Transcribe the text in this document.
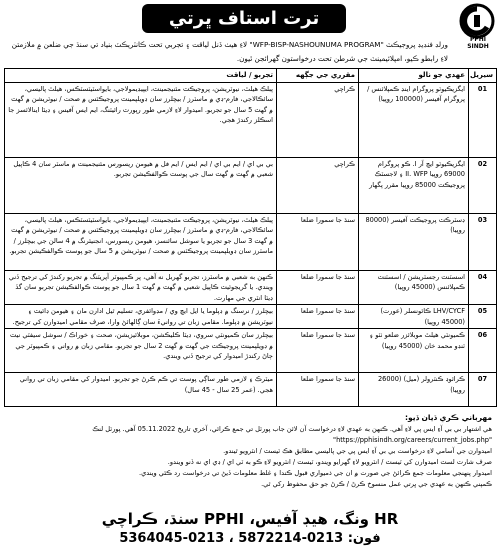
PPHI SINDH
ترت استاف ڀرتي
ورلڊ فنڊيڊ پروجيڪٽ "WFP-BISP-NASHOUNUMA PROGRAM" لاءِ هيٺ ڏنل لياقت ۽ تجربي تحت ڪانٽريڪٽ بنياد تي سنڌ جي ضلعن ۾ ملازمتن لاءِ رابطو ڪيو، امپلائيمينٽ جي شرطن تحت درخواستون گهرائجن ٿيون.
سيريل	عهدي جو نالو	مقرري جي جڳهه	تجربو / لياقت
01	ايگزيڪيوٽو پروگرام اينڊ ڪمپلائنس / پروگرام آفيسر (100000 روپيا)	ڪراچي	پبلڪ هيلٿ، نيوٽريشن، پروجيڪٽ مئنيجمينٽ، ايپيڊيمولاجي، بايواسٽيٽسٽڪس، هيلٿ پاليسي، سائڪالاجي، فارم-ڊي ۾ ماسٽرز / بيچلرز سان ڊويلپمينٽ پروجيڪٽس ۾ صحت / نيوٽريشن ۾ گهٽ ۾ گهٽ 5 سال جو تجربو. اميدوار لاءِ لازمي طور رپورٽ رائيٽنگ، ايم ايس آفيس ۽ ڊيٽا اينالائسز جا اسڪلز رکندڙ هجي.
02	ايگزيڪيوٽو ايچ آر I. ڪو پروگرام 69000 روپيا II. WFP ۽ لاجسٽڪ پروجيڪٽ 85000 روپيا مقرر پگهار	ڪراچي	بي بي اي / ايم بي اي / ايم ايس / ايم فل ۾ هيومن ريسورس مئنيجمينٽ ۾ ماسٽر سان 4 ڪاپيل شعبي ۾ گهٽ ۾ گهٽ سال جي پوسٽ ڪوالفڪيشن تجربو.
03	ڊسٽرڪٽ پروجيڪٽ آفيسر (80000 روپيا)	سنڌ جا سمورا ضلعا	پبلڪ هيلٿ، نيوٽريشن، پروجيڪٽ مئنيجمينٽ، ايپيڊيمولاجي، بايواسٽيٽسٽڪس، هيلٿ پاليسي، سائڪالاجي، فارم-ڊي ۾ ماسٽرز / بيچلرز سان ڊويلپمينٽ پروجيڪٽس ۾ صحت / نيوٽريشن ۾ گهٽ ۾ گهٽ 3 سال جو تجربو يا سوشل سائنسز، هيومن ريسورس، انجنيئرنگ ۾ 4 سالن جي بيچلرز / ماسٽرز سان ڊويلپمينٽ پروجيڪٽس ۾ صحت / نيوٽريشن ۾ 5 سال جو پوسٽ ڪوالفڪيشن تجربو.
04	اسسٽنٽ رجسٽريشن / اسسٽنٽ ڪمپلائنس (45000 روپيا)	سنڌ جا سمورا ضلعا	ڪنهن به شعبي ۾ ماسٽرز، تجربو گهربل نه آهي، پر ڪمپيوٽر آپريٽنگ ۾ تجربو رکندڙ کي ترجيح ڏني ويندي. يا گريجوئيٽ ڪاپيل شعبي ۾ گهٽ ۾ گهٽ 1 سال جو پوسٽ ڪوالفڪيشن تجربو سان گڏ ڊيٽا انٽري جي مهارت.
05	LHV/CYCF ڪائونسلر (عورت) (45000 روپيا)	سنڌ جا سمورا ضلعا	بيچلرز / نرسنگ ۾ ڊپلوما يا ايل ايڇ وي / مڊوائفري، تسليم ٿيل ادارن مان ۽ هيومن ڊائيٽ ۽ نيوٽريشن ۾ ڊپلوما. مقامي زبان تي روانيءَ سان ڳالهائڻ وارا، صرف مقامي اميدوارن کي ترجيح.
06	ڪميونٽي هيلٿ موبلائزر ضلعو ٺٽو ۽ ٽنڊو محمد خان (45000 روپيا)	سنڌ جا سمورا ضلعا	بيچلرز سان ڪميونٽي سروي، ڊيٽا ڪليڪشن، موبلائيزيشن، صحت ۽ خوراڪ / سوشل سيفٽي نيٽ ۾ ڊويلپمينٽ پروجيڪٽ جي گهٽ ۾ گهٽ 2 سال جو تجربو. مقامي زبان ۾ رواني ۽ ڪمپيوٽر جي ڄاڻ رکندڙ اميدوار کي ترجيح ڏني ويندي.
07	ڪرائوڊ ڪنٽرولر (ميل) (26000 روپيا)	سنڌ جا سمورا ضلعا	ميٽرڪ ۽ لازمي طور ساڳي پوسٽ تي ڪم ڪرڻ جو تجربو. اميدوار کي مقامي زبان تي رواني هجي. (عمر 25 سال - 45 سال)
مهرباني ڪري ڌيان ڏيو:
هي اشتهار بي بي آءِ ايس پي لاءِ آهي. ڪنهن به عهدي لاءِ درخواست آن لائن جاب پورٽل تي جمع ڪرائي، آخري تاريخ 05.11.2022 آهي. پورٽل لنڪ "https://pphisindh.org/careers/current_jobs.php"
اميدوارن جي آسامي لاءِ درخواست بي بي آءِ ايس پي جي پاليسي مطابق هڪ ٽيسٽ / انٽرويو ٿيندو.
صرف شارٽ لسٽ اميدوارن کي ٽيسٽ / انٽرويو لاءِ گهرايو ويندو، ٽيسٽ / انٽرويو لاءِ ڪو به ٽي اي / ڊي اي نه ڏنو ويندو.
اميدوار پنهنجي معلومات جمع ڪرائڻ جي صورت ۾ ان جي ذميواري قبول ڪندا ۽ غلط معلومات ڏيڻ تي درخواست رد ڪئي ويندي.
ڪمپني ڪنهن به عهدي جي ڀرتي عمل منسوخ ڪرڻ / ڪرڻ جو حق محفوظ رکي ٿي.
HR ونگ، هيڊ آفيس، PPHI سنڌ، ڪراچي
فون: 0213-5872214 ، 0213-5364045
